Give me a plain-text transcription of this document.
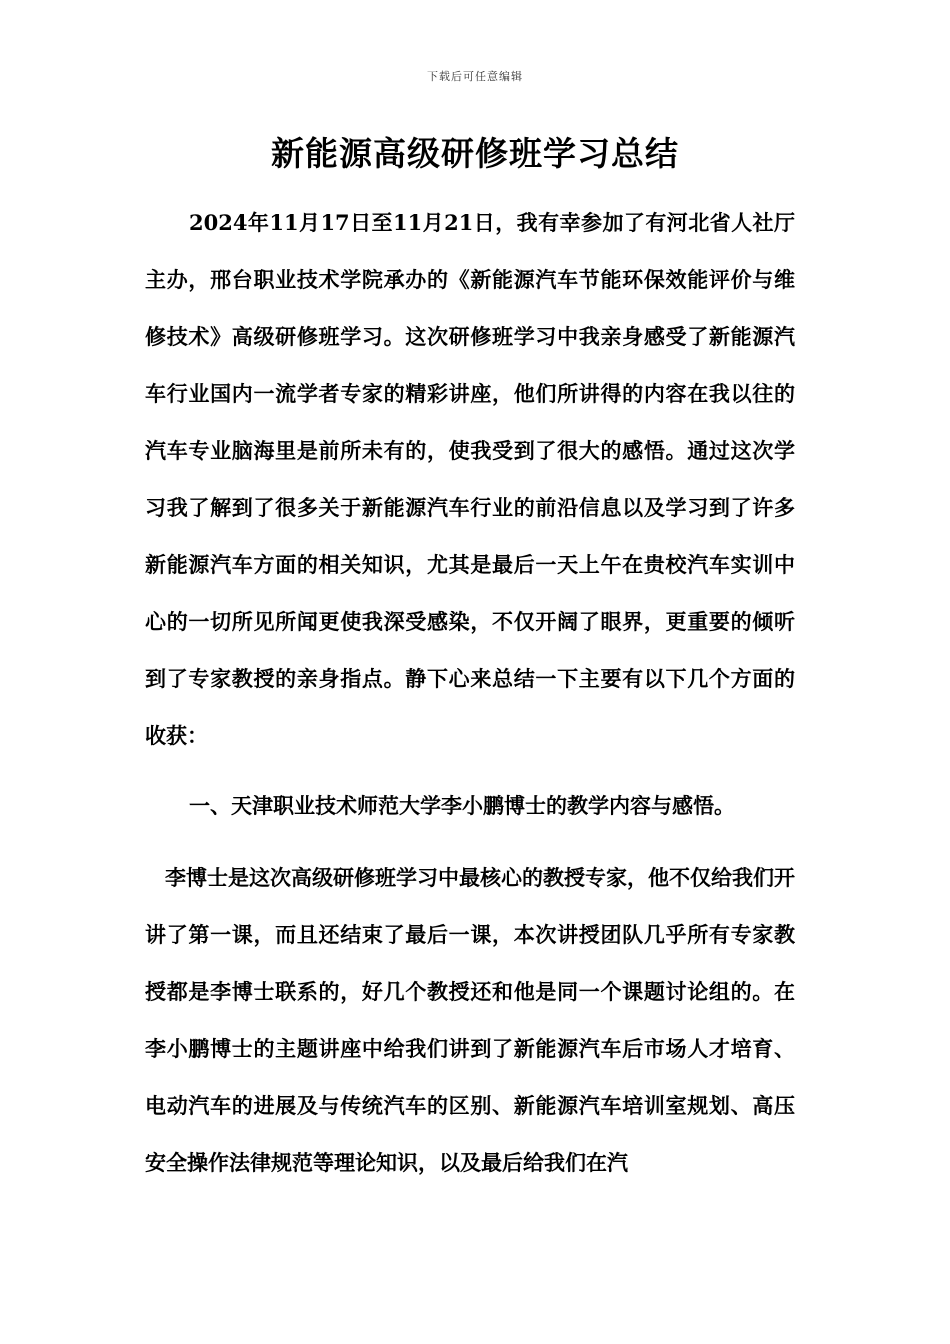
下载后可任意编辑
新能源高级研修班学习总结

2024年11月17日至11月21日，我有幸参加了有河北省人社厅主办，邢台职业技术学院承办的《新能源汽车节能环保效能评价与维修技术》高级研修班学习。这次研修班学习中我亲身感受了新能源汽车行业国内一流学者专家的精彩讲座，他们所讲得的内容在我以往的汽车专业脑海里是前所未有的，使我受到了很大的感悟。通过这次学习我了解到了很多关于新能源汽车行业的前沿信息以及学习到了许多新能源汽车方面的相关知识，尤其是最后一天上午在贵校汽车实训中心的一切所见所闻更使我深受感染，不仅开阔了眼界，更重要的倾听到了专家教授的亲身指点。静下心来总结一下主要有以下几个方面的收获：

一、天津职业技术师范大学李小鹏博士的教学内容与感悟。

李博士是这次高级研修班学习中最核心的教授专家，他不仅给我们开讲了第一课，而且还结束了最后一课，本次讲授团队几乎所有专家教授都是李博士联系的，好几个教授还和他是同一个课题讨论组的。在李小鹏博士的主题讲座中给我们讲到了新能源汽车后市场人才培育、电动汽车的进展及与传统汽车的区别、新能源汽车培训室规划、高压安全操作法律规范等理论知识，以及最后给我们在汽
